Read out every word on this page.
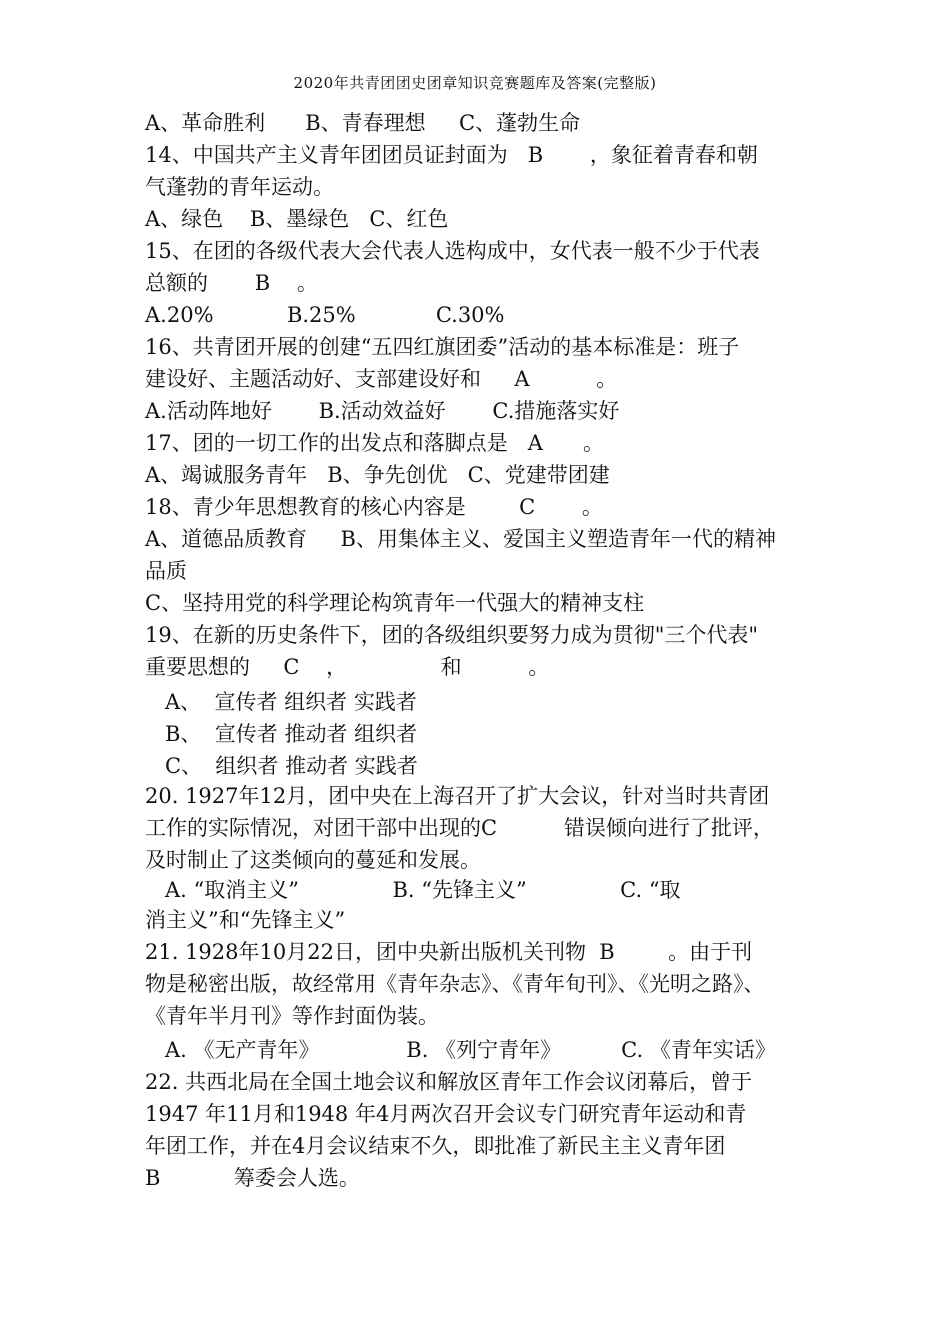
2020年共青团团史团章知识竞赛题库及答案(完整版)
A、革命胜利      B、青春理想     C、蓬勃生命
14、中国共产主义青年团团员证封面为   B       ，象征着青春和朝
气蓬勃的青年运动。
A、绿色    B、墨绿色   C、红色
15、在团的各级代表大会代表人选构成中，女代表一般不少于代表
总额的       B    。
A.20%           B.25%            C.30%
16、共青团开展的创建“五四红旗团委”活动的基本标准是：班子
建设好、主题活动好、支部建设好和     A          。
A.活动阵地好       B.活动效益好       C.措施落实好
17、团的一切工作的出发点和落脚点是   A      。
A、竭诚服务青年   B、争先创优   C、党建带团建
18、青少年思想教育的核心内容是        C       。
A、道德品质教育     B、用集体主义、爱国主义塑造青年一代的精神
品质
C、坚持用党的科学理论构筑青年一代强大的精神支柱
19、在新的历史条件下，团的各级组织要努力成为贯彻"三个代表"
重要思想的     C    ，              和          。
A、  宣传者 组织者 实践者
B、  宣传者 推动者 组织者
C、  组织者 推动者 实践者
20. 1927年12月，团中央在上海召开了扩大会议，针对当时共青团
工作的实际情况，对团干部中出现的C          错误倾向进行了批评，
及时制止了这类倾向的蔓延和发展。
A. “取消主义”              B. “先锋主义”              C. “取
消主义”和“先锋主义”
21. 1928年10月22日，团中央新出版机关刊物  B        。由于刊
物是秘密出版，故经常用《青年杂志》、《青年旬刊》、《光明之路》、
《青年半月刊》等作封面伪装。
A. 《无产青年》             B. 《列宁青年》         C. 《青年实话》
22. 共西北局在全国土地会议和解放区青年工作会议闭幕后，曾于
1947 年11月和1948 年4月两次召开会议专门研究青年运动和青
年团工作，并在4月会议结束不久，即批准了新民主主义青年团
B           筹委会人选。
